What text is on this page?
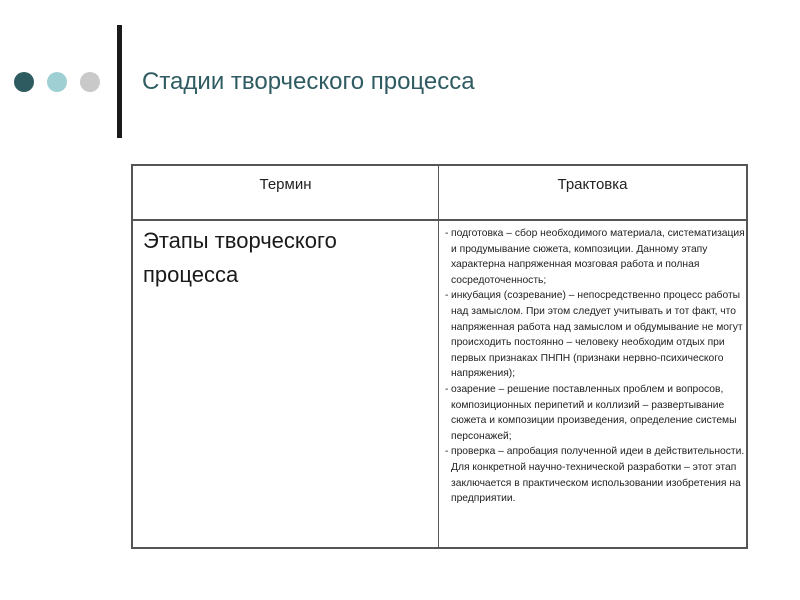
Стадии творческого процесса
Термин	Трактовка
Этапы творческого процесса

- подготовка – сбор необходимого материала, систематизация и продумывание сюжета, композиции. Данному этапу характерна напряженная мозговая работа и полная сосредоточенность;

- инкубация (созревание) – непосредственно процесс работы над замыслом. При этом следует учитывать и тот факт, что напряженная работа над замыслом и обдумывание не могут происходить постоянно – человеку необходим отдых при первых признаках ПНПН (признаки нервно-психического напряжения);

- озарение – решение поставленных проблем и вопросов, композиционных перипетий и коллизий – развертывание сюжета и композиции произведения, определение системы персонажей;

- проверка – апробация полученной идеи в действительности. Для конкретной научно-технической разработки – этот этап заключается в практическом использовании изобретения на предприятии.
